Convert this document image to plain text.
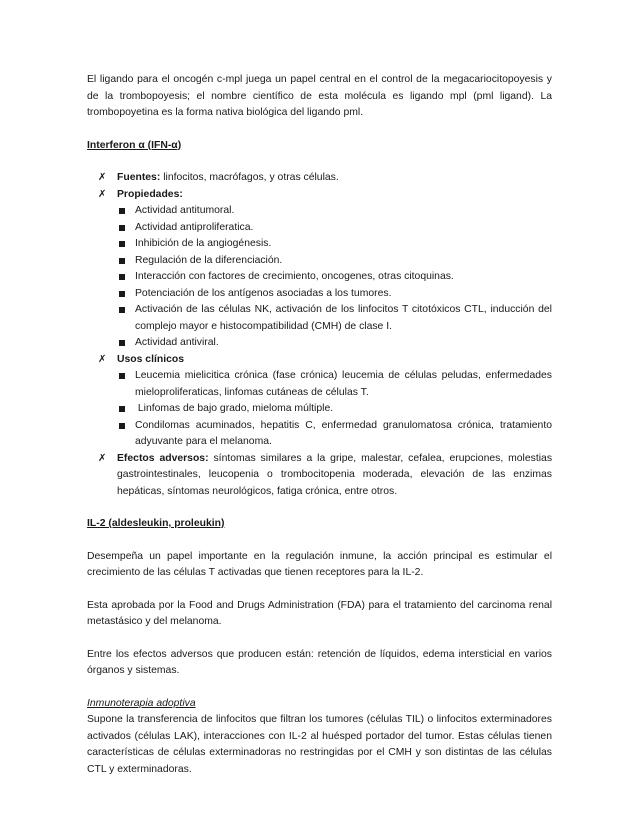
El ligando para el oncogén c-mpl juega un papel central en el control de la megacariocitopoyesis y de la trombopoyesis; el nombre científico de esta molécula es ligando mpl (pml ligand). La trombopoyetina es la forma nativa biológica del ligando pml.

Interferon α (IFN-α)
✗ Fuentes: linfocitos, macrófagos, y otras células.
✗ Propiedades:
Actividad antitumoral.
Actividad antiproliferatica.
Inhibición de la angiogénesis.
Regulación de la diferenciación.
Interacción con factores de crecimiento, oncogenes, otras citoquinas.
Potenciación de los antígenos asociadas a los tumores.
Activación de las células NK, activación de los linfocitos T citotóxicos CTL, inducción del complejo mayor e histocompatibilidad (CMH) de clase I.
Actividad antiviral.
✗ Usos clínicos
Leucemia mielicitica crónica (fase crónica) leucemia de células peludas, enfermedades mieloproliferaticas, linfomas cutáneas de células T.
Linfomas de bajo grado, mieloma múltiple.
Condilomas acuminados, hepatitis C, enfermedad granulomatosa crónica, tratamiento adyuvante para el melanoma.
✗ Efectos adversos: síntomas similares a la gripe, malestar, cefalea, erupciones, molestias gastrointestinales, leucopenia o trombocitopenia moderada, elevación de las enzimas hepáticas, síntomas neurológicos, fatiga crónica, entre otros.
IL-2 (aldesleukin, proleukin)

Desempeña un papel importante en la regulación inmune, la acción principal es estimular el crecimiento de las células T activadas que tienen receptores para la IL-2.

Esta aprobada por la Food and Drugs Administration (FDA) para el tratamiento del carcinoma renal metastásico y del melanoma.

Entre los efectos adversos que producen están: retención de líquidos, edema intersticial en varios órganos y sistemas.

Inmunoterapia adoptiva

Supone la transferencia de linfocitos que filtran los tumores (células TIL) o linfocitos exterminadores activados (células LAK), interacciones con IL-2 al huésped portador del tumor. Estas células tienen características de células exterminadoras no restringidas por el CMH y son distintas de las células CTL y exterminadoras.
